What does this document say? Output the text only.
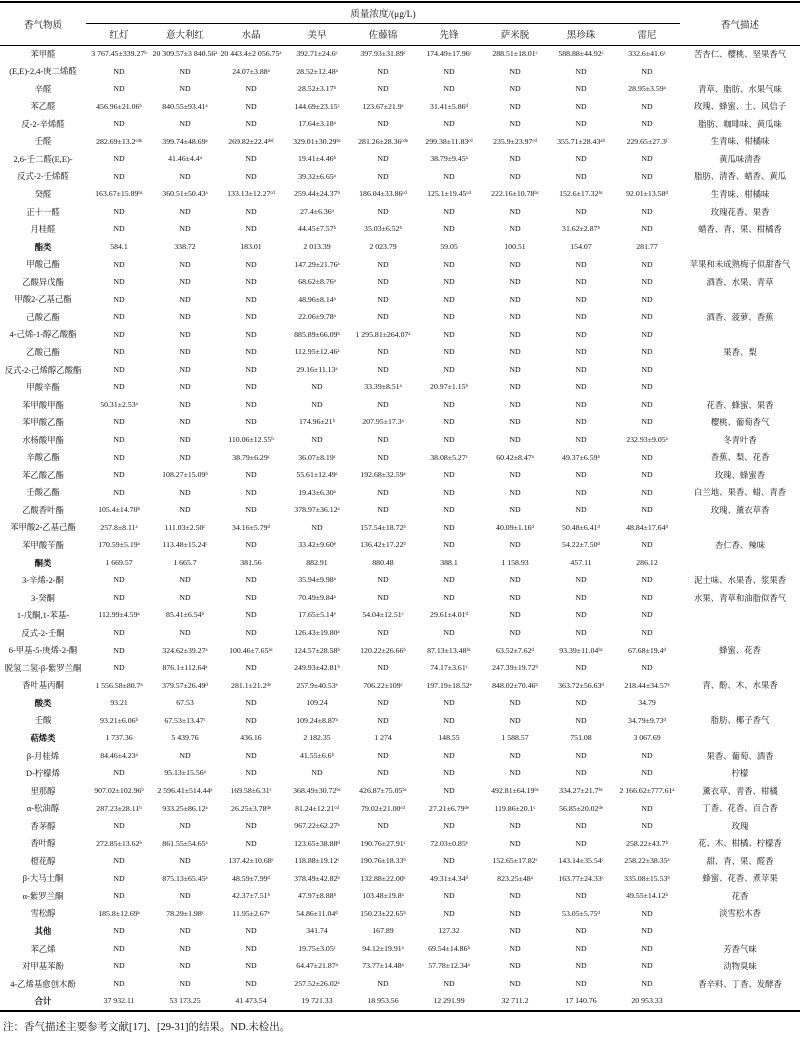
香气物质	质量浓度/(μg/L)									香气描述
	红灯	意大利红	水晶	美早	佐藤锦	先锋	萨米脱	黑珍珠	雷尼	
苯甲醛	3 767.45±339.27ᵇ	20 309.57±3 840.56ᵃ	20 443.4±2 056.75ᵃ	392.71±24.6ᶜ	397.93±31.89ᶜ	174.49±17.96ᶜ	288.51±18.01ᶜ	588.88±44.92ᶜ	332.6±41.6ᶜ	苦杏仁、樱桃、坚果香气
(E,E)-2,4-庚二烯醛	ND	ND	24.07±3.88ᵃ	28.52±12.48ᵃ	ND	ND	ND	ND	ND	
辛醛	ND	ND	ND	28.52±3.17ᵇ	ND	ND	ND	ND	28.95±3.59ᵃ	青草、脂肪、水果气味
苯乙醛	456.96±21.06ᵇ	840.55±93.41ᵃ	ND	144.69±23.15ᶜ	123.67±21.9ᶜ	31.41±5.86ᵈ	ND	ND	ND	玫瑰、蜂蜜、土、风信子
反-2-辛烯醛	ND	ND	ND	17.64±3.18ᵃ	ND	ND	ND	ND	ND	脂肪、咖啡味、黄瓜味
壬醛	282.69±13.2ᶜᵈᵉ	399.74±48.69ᵃ	269.82±22.4ᵈᵉᶠ	329.01±30.29ᵇᶜ	281.26±28.36ᶜᵈᵉ	299.38±11.83ᶜᵈ	235.9±23.97ᶜᵈ	355.71±28.43ᵃᵇ	229.65±27.3ᶠ	生青味、柑橘味
2,6-壬二醛(E,E)-	ND	41.46±4.4ᵃ	ND	19.41±4.46ᵇ	ND	38.79±9.45ᵃ	ND	ND	ND	黄瓜味清香
反式-2-壬烯醛	ND	ND	ND	39.32±6.65ᵃ	ND	ND	ND	ND	ND	脂肪、清香、蜡香、黄瓜
癸醛	163.67±15.89ᵇᶜ	360.51±50.43ᵃ	133.13±12.27ᶜᵈ	259.44±24.37ᵇ	186.04±33.86ᶜᵈ	125.1±19.45ᶜᵈ	222.16±10.78ᵇᶜ	152.6±17.32ᵇᶜ	92.01±13.58ᵈ	生青味、柑橘味
正十一醛	ND	ND	ND	27.4±6.36ᵃ	ND	ND	ND	ND	ND	玫瑰花香、果香
月桂醛	ND	ND	ND	44.45±7.57ᵇ	35.03±6.52ᵇ	ND	ND	31.62±2.87ᵇ	ND	蜡香、青、果、柑橘香
酯类	584.1	338.72	183.01	2 013.39	2 023.79	59.05	100.51	154.07	281.77	
甲酸己酯	ND	ND	ND	147.29±21.76ᵃ	ND	ND	ND	ND	ND	苹果和未成熟梅子似甜香气
乙酸异戊酯	ND	ND	ND	68.62±8.76ᵃ	ND	ND	ND	ND	ND	酒香、水果、青草
甲酸2-乙基己酯	ND	ND	ND	48.96±8.14ᵃ	ND	ND	ND	ND	ND	
己酸乙酯	ND	ND	ND	22.06±9.78ᵃ	ND	ND	ND	ND	ND	酒香、菠萝、香蕉
4-己烯-1-醇乙酸酯	ND	ND	ND	885.89±66.09ᵇ	1 295.81±264.07ᵃ	ND	ND	ND	ND	
乙酸己酯	ND	ND	ND	112.95±12.46ᵃ	ND	ND	ND	ND	ND	果香、梨
反式-2-己烯醇乙酸酯	ND	ND	ND	29.16±11.13ᵃ	ND	ND	ND	ND	ND	
甲酸辛酯	ND	ND	ND	ND	33.39±8.51ᵃ	20.97±1.15ᵇ	ND	ND	ND	
苯甲酸甲酯	50.31±2.53ᵃ	ND	ND	ND	ND	ND	ND	ND	ND	花香、蜂蜜、果香
苯甲酸乙酯	ND	ND	ND	174.96±21ᵇ	207.95±17.3ᵃ	ND	ND	ND	ND	樱桃、葡萄香气
水杨酸甲酯	ND	ND	110.06±12.55ᵇ	ND	ND	ND	ND	ND	232.93±9.05ᵃ	冬青叶香
辛酸乙酯	ND	ND	38.79±6.29ᶜ	36.07±8.19ᶜ	ND	38.08±5.27ᶜ	60.42±8.47ᵃ	49.37±6.59ᵇ	ND	香蕉、梨、花香
苯乙酸乙酯	ND	108.27±15.09ᵇ	ND	55.61±12.49ᶜ	192.68±32.59ᵃ	ND	ND	ND	ND	玫瑰、蜂蜜香
壬酸乙酯	ND	ND	ND	19.43±6.30ᵃ	ND	ND	ND	ND	ND	白兰地、果香、蜡、青香
乙酸香叶酯	105.4±14.70ᵇ	ND	ND	378.97±36.12ᵃ	ND	ND	ND	ND	ND	玫瑰、薰衣草香
苯甲酸2-乙基己酯	257.8±8.11ᵃ	111.03±2.50ᶜ	34.16±5.79ᵈ	ND	157.54±18.72ᵇ	ND	40.09±1.16ᵈ	50.48±6.41ᵈ	48.84±17.64ᵈ	
苯甲酸苄酯	170.59±5.19ᵃ	113.48±15.24ᶜ	ND	33.42±9.60ᵉ	136.42±17.22ᵇ	ND	ND	54.22±7.50ᵈ	ND	杏仁香、辣味
酮类	1 669.57	1 665.7	381.56	882.91	880.48	388.1	1 158.93	457.11	286.12	
3-辛烯-2-酮	ND	ND	ND	35.94±9.98ᵃ	ND	ND	ND	ND	ND	泥土味、水果香、浆果香
3-癸酮	ND	ND	ND	70.49±9.84ᵃ	ND	ND	ND	ND	ND	水果、青草和油脂似香气
1-戊酮,1-苯基-	112.99±4.59ᵃ	85.41±6.54ᵇ	ND	17.65±5.14ᵉ	54.04±12.51ᶜ	29.61±4.01ᵈ	ND	ND	ND	
反式-2-壬酮	ND	ND	ND	126.43±19.80ᵃ	ND	ND	ND	ND	ND	
6-甲基-5-庚烯-2-酮	ND	324.62±39.27ᵃ	100.46±7.65ᵇᶜ	124.57±28.58ᵇ	120.22±26.66ᵇ	87.13±13.48ᵇᶜ	63.52±7.62ᵈ	93.39±11.04ᵇᶜ	67.68±19.4ᵈ	蜂蜜、花香
脱氢二氢-β-紫罗兰酮	ND	876.1±112.64ᵃ	ND	249.93±42.81ᵇ	ND	74.17±3.61ᶜ	247.39±19.72ᵇ	ND	ND	
香叶基丙酮	1 556.58±80.7ᵃ	379.57±26.49ᵈ	281.1±21.2ᵈᵉ	257.9±40.53ᵉ	706.22±109ᶜ	197.19±18.52ᵉ	848.02±70.46ᵇ	363.72±56.63ᵈ	218.44±34.57ᵉ	青、酚、木、水果香
酸类	93.21	67.53	ND	109.24	ND	ND	ND	ND	34.79	
壬酸	93.21±6.06ᵇ	67.53±13.47ᶜ	ND	109.24±8.87ᵃ	ND	ND	ND	ND	34.79±9.73ᵈ	脂肪、椰子香气
萜烯类	1 737.36	5 439.76	436.16	2 182.35	1 274	148.55	1 588.57	751.08	3 067.69	
β-月桂烯	84.46±4.23ᵃ	ND	ND	41.55±6.6ᵇ	ND	ND	ND	ND	ND	果香、葡萄、酒香
D-柠檬烯	ND	95.13±15.56ᵃ	ND	ND	ND	ND	ND	ND	ND	柠檬
里那醇	907.02±102.96ᵇ	2 596.41±514.44ᵃ	169.58±6.31ᶜ	368.49±30.72ᵇᶜ	426.87±75.05ᵇᶜ	ND	492.81±64.19ᵇᶜ	334.27±21.7ᵇᶜ	2 166.62±777.61ᵃ	薰衣草、青香、柑橘
α-松油醇	287.23±28.11ᵇ	933.25±86.12ᵃ	26.25±3.78ᵈᵉ	81.24±12.21ᶜᵈ	79.02±21.00ᶜᵈ	27.21±6.79ᵈᵉ	119.86±20.1ᶜ	56.85±20.02ᵈᵉ	ND	丁香、花香、百合香
香茅醇	ND	ND	ND	967.22±62.27ᵃ	ND	ND	ND	ND	ND	玫瑰
香叶醇	272.85±13.62ᵇ	861.55±54.65ᵃ	ND	123.65±38.88ᵈ	190.76±27.91ᶜ	72.03±0.85ᵉ	ND	ND	258.22±43.7ᵇ	花、木、柑橘、柠檬香
橙花醇	ND	ND	137.42±10.68ᶜ	118.88±19.12ᶜ	190.76±18.33ᵇ	ND	152.65±17.82ᶜ	143.14±35.54ᶜ	258.22±38.35ᵃ	甜、青、果、醛香
β-大马士酮	ND	875.13±65.45ᵃ	48.59±7.99ᵈ	378.49±42.82ᵇ	132.88±22.00ᶜ	49.31±4.34ᵈ	823.25±48ᵃ	163.77±24.33ᶜ	335.08±15.53ᵇ	蜂蜜、花香、煮苹果
α-紫罗兰酮	ND	ND	42.37±7.51ᵇ	47.97±8.88ᵇ	103.48±19.8ᵃ	ND	ND	ND	49.55±14.12ᵇ	花香
雪松醇	185.8±12.69ᵃ	78.29±1.98ᶜ	11.95±2.67ᵉ	54.86±11.04ᵈ	150.23±22.65ᵇ	ND	ND	53.05±5.75ᵈ	ND	淡雪松木香
其他	ND	ND	ND	341.74	167.89	127.32	ND	ND	ND	
苯乙烯	ND	ND	ND	19.75±3.05ᶜ	94.12±19.91ᵃ	69.54±14.86ᵇ	ND	ND	ND	芳香气味
对甲基苯酚	ND	ND	ND	64.47±21.87ᵃ	73.77±14.48ᵃ	57.78±12.34ᵃ	ND	ND	ND	动物臭味
4-乙烯基愈创木酚	ND	ND	ND	257.52±26.02ᵃ	ND	ND	ND	ND	ND	香辛料、丁香、发酵香
合计	37 932.11	53 173.25	41 473.54	19 721.33	18 953.56	12 291.99	32 711.2	17 140.76	20 953.33	
注：香气描述主要参考文献[17]、[29-31]的结果。ND.未检出。
